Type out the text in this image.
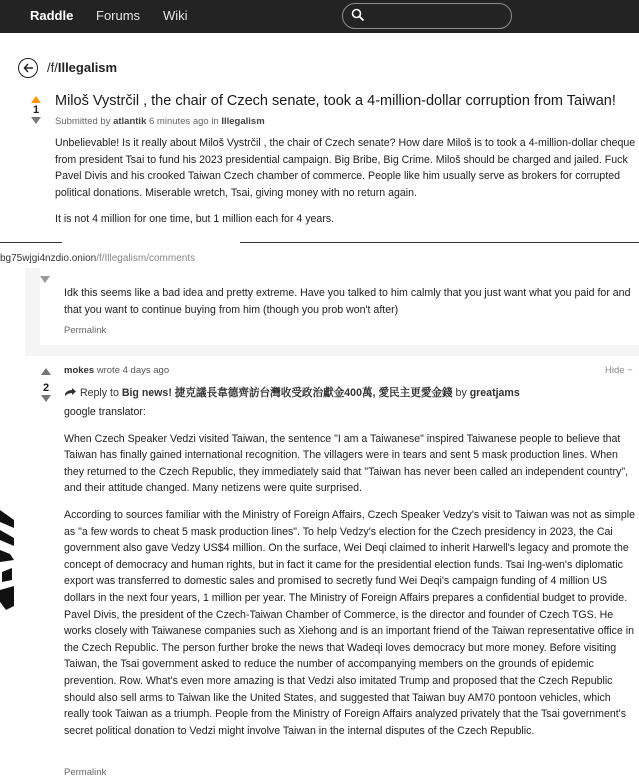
Raddle Forums Wiki
/f/Illegalism
1
Miloš Vystrčil , the chair of Czech senate, took a 4-million-dollar corruption from Taiwan!
Submitted by atlantik 6 minutes ago in Illegalism

Unbelievable! Is it really about Miloš Vystrčil , the chair of Czech senate? How dare Miloš is to took a 4-million-dollar cheque from president Tsai to fund his 2023 presidential campaign. Big Bribe, Big Crime. Miloš should be charged and jailed. Fuck Pavel Divis and his crooked Taiwan Czech chamber of commerce. People like him usually serve as brokers for corrupted political donations. Miserable wretch, Tsai, giving money with no return again.

It is not 4 million for one time, but 1 million each for 4 years.

bg75wjgi4nzdio.onion/f/Illegalism/comments
Idk this seems like a bad idea and pretty extreme. Have you talked to him calmly that you just want what you paid for and that you want to continue buying from him (though you prob won't after)
Permalink
2
mokes wrote 4 days ago	Hide −
Reply to Big news! 捷克議長韋德齊訪台灣收受政治獻金400萬, 愛民主更愛金錢 by greatjams

google translator:

When Czech Speaker Vedzi visited Taiwan, the sentence "I am a Taiwanese" inspired Taiwanese people to believe that Taiwan has finally gained international recognition. The villagers were in tears and sent 5 mask production lines. When they returned to the Czech Republic, they immediately said that "Taiwan has never been called an independent country", and their attitude changed. Many netizens were quite surprised.

According to sources familiar with the Ministry of Foreign Affairs, Czech Speaker Vedzy's visit to Taiwan was not as simple as "a few words to cheat 5 mask production lines". To help Vedzy's election for the Czech presidency in 2023, the Cai government also gave Vedzy US$4 million. On the surface, Wei Deqi claimed to inherit Harwell's legacy and promote the concept of democracy and human rights, but in fact it came for the presidential election funds. Tsai Ing-wen's diplomatic export was transferred to domestic sales and promised to secretly fund Wei Deqi's campaign funding of 4 million US dollars in the next four years, 1 million per year. The Ministry of Foreign Affairs prepares a confidential budget to provide. Pavel Divis, the president of the Czech-Taiwan Chamber of Commerce, is the director and founder of Czech TGS. He works closely with Taiwanese companies such as Xiehong and is an important friend of the Taiwan representative office in the Czech Republic. The person further broke the news that Wadeqi loves democracy but more money. Before visiting Taiwan, the Tsai government asked to reduce the number of accompanying members on the grounds of epidemic prevention. Row. What's even more amazing is that Vedzi also imitated Trump and proposed that the Czech Republic should also sell arms to Taiwan like the United States, and suggested that Taiwan buy AM70 pontoon vehicles, which really took Taiwan as a triumph. People from the Ministry of Foreign Affairs analyzed privately that the Tsai government's secret political donation to Vedzi might involve Taiwan in the internal disputes of the Czech Republic.

Permalink
